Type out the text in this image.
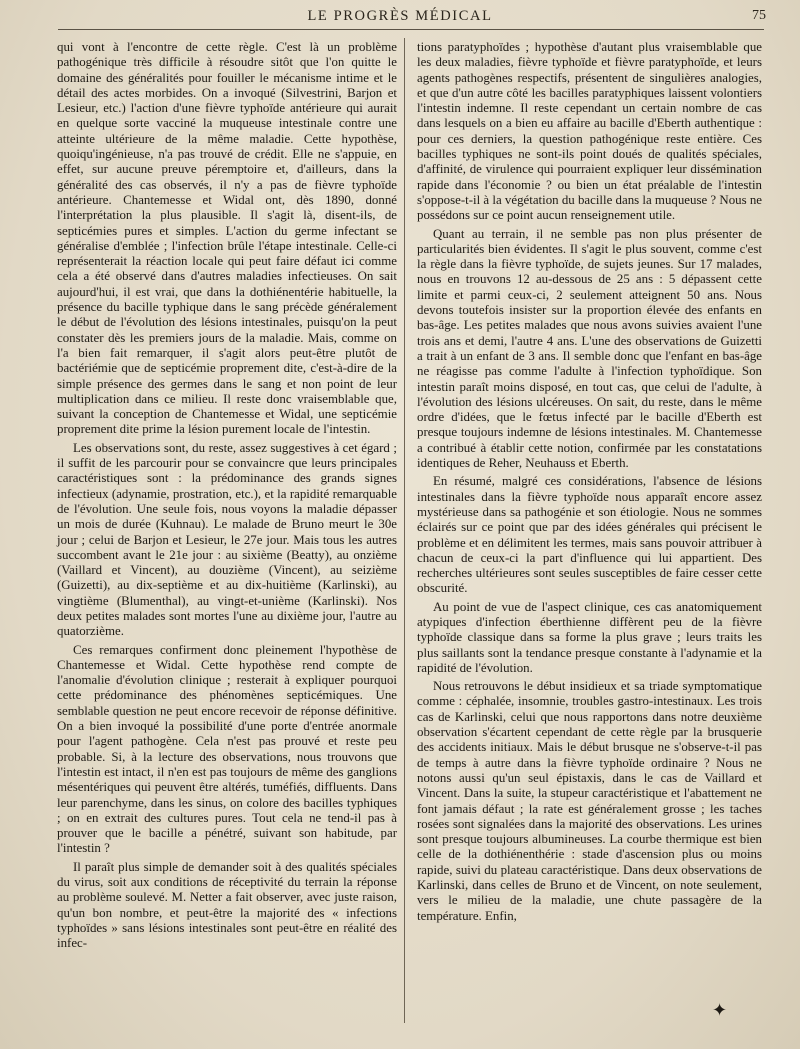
LE PROGRÈS MÉDICAL	75

qui vont à l'encontre de cette règle. C'est là un problème pathogénique très difficile à résoudre sitôt que l'on quitte le domaine des généralités pour fouiller le mécanisme intime et le détail des actes morbides. On a invoqué (Silvestrini, Barjon et Lesieur, etc.) l'action d'une fièvre typhoïde antérieure qui aurait en quelque sorte vacciné la muqueuse intestinale contre une atteinte ultérieure de la même maladie. Cette hypothèse, quoiqu'ingénieuse, n'a pas trouvé de crédit. Elle ne s'appuie, en effet, sur aucune preuve péremptoire et, d'ailleurs, dans la généralité des cas observés, il n'y a pas de fièvre typhoïde antérieure. Chantemesse et Widal ont, dès 1890, donné l'interprétation la plus plausible. Il s'agit là, disent-ils, de septicémies pures et simples. L'action du germe infectant se généralise d'emblée ; l'infection brûle l'étape intestinale. Celle-ci représenterait la réaction locale qui peut faire défaut ici comme cela a été observé dans d'autres maladies infectieuses. On sait aujourd'hui, il est vrai, que dans la dothiénentérie habituelle, la présence du bacille typhique dans le sang précède généralement le début de l'évolution des lésions intestinales, puisqu'on la peut constater dès les premiers jours de la maladie. Mais, comme on l'a bien fait remarquer, il s'agit alors peut-être plutôt de bactériémie que de septicémie proprement dite, c'est-à-dire de la simple présence des germes dans le sang et non point de leur multiplication dans ce milieu. Il reste donc vraisemblable que, suivant la conception de Chantemesse et Widal, une septicémie proprement dite prime la lésion purement locale de l'intestin.

Les observations sont, du reste, assez suggestives à cet égard ; il suffit de les parcourir pour se convaincre que leurs principales caractéristiques sont : la prédominance des grands signes infectieux (adynamie, prostration, etc.), et la rapidité remarquable de l'évolution. Une seule fois, nous voyons la maladie dépasser un mois de durée (Kuhnau). Le malade de Bruno meurt le 30e jour ; celui de Barjon et Lesieur, le 27e jour. Mais tous les autres succombent avant le 21e jour : au sixième (Beatty), au onzième (Vaillard et Vincent), au douzième (Vincent), au seizième (Guizetti), au dix-septième et au dix-huitième (Karlinski), au vingtième (Blumenthal), au vingt-et-unième (Karlinski). Nos deux petites malades sont mortes l'une au dixième jour, l'autre au quatorzième.

Ces remarques confirment donc pleinement l'hypothèse de Chantemesse et Widal. Cette hypothèse rend compte de l'anomalie d'évolution clinique ; resterait à expliquer pourquoi cette prédominance des phénomènes septicémiques. Une semblable question ne peut encore recevoir de réponse définitive. On a bien invoqué la possibilité d'une porte d'entrée anormale pour l'agent pathogène. Cela n'est pas prouvé et reste peu probable. Si, à la lecture des observations, nous trouvons que l'intestin est intact, il n'en est pas toujours de même des ganglions mésentériques qui peuvent être altérés, tuméfiés, diffluents. Dans leur parenchyme, dans les sinus, on colore des bacilles typhiques ; on en extrait des cultures pures. Tout cela ne tend-il pas à prouver que le bacille a pénétré, suivant son habitude, par l'intestin ?

Il paraît plus simple de demander soit à des qualités spéciales du virus, soit aux conditions de réceptivité du terrain la réponse au problème soulevé. M. Netter a fait observer, avec juste raison, qu'un bon nombre, et peut-être la majorité des « infections typhoïdes » sans lésions intestinales sont peut-être en réalité des infec-

tions paratyphoïdes ; hypothèse d'autant plus vraisemblable que les deux maladies, fièvre typhoïde et fièvre paratyphoïde, et leurs agents pathogènes respectifs, présentent de singulières analogies, et que d'un autre côté les bacilles paratyphiques laissent volontiers l'intestin indemne. Il reste cependant un certain nombre de cas dans lesquels on a bien eu affaire au bacille d'Eberth authentique : pour ces derniers, la question pathogénique reste entière. Ces bacilles typhiques ne sont-ils point doués de qualités spéciales, d'affinité, de virulence qui pourraient expliquer leur dissémination rapide dans l'économie ? ou bien un état préalable de l'intestin s'oppose-t-il à la végétation du bacille dans la muqueuse ? Nous ne possédons sur ce point aucun renseignement utile.

Quant au terrain, il ne semble pas non plus présenter de particularités bien évidentes. Il s'agit le plus souvent, comme c'est la règle dans la fièvre typhoïde, de sujets jeunes. Sur 17 malades, nous en trouvons 12 au-dessous de 25 ans : 5 dépassent cette limite et parmi ceux-ci, 2 seulement atteignent 50 ans. Nous devons toutefois insister sur la proportion élevée des enfants en bas-âge. Les petites malades que nous avons suivies avaient l'une trois ans et demi, l'autre 4 ans. L'une des observations de Guizetti a trait à un enfant de 3 ans. Il semble donc que l'enfant en bas-âge ne réagisse pas comme l'adulte à l'infection typhoïdique. Son intestin paraît moins disposé, en tout cas, que celui de l'adulte, à l'évolution des lésions ulcéreuses. On sait, du reste, dans le même ordre d'idées, que le fœtus infecté par le bacille d'Eberth est presque toujours indemne de lésions intestinales. M. Chantemesse a contribué à établir cette notion, confirmée par les constatations identiques de Reher, Neuhauss et Eberth.

En résumé, malgré ces considérations, l'absence de lésions intestinales dans la fièvre typhoïde nous apparaît encore assez mystérieuse dans sa pathogénie et son étiologie. Nous ne sommes éclairés sur ce point que par des idées générales qui précisent le problème et en délimitent les termes, mais sans pouvoir attribuer à chacun de ceux-ci la part d'influence qui lui appartient. Des recherches ultérieures sont seules susceptibles de faire cesser cette obscurité.

Au point de vue de l'aspect clinique, ces cas anatomiquement atypiques d'infection éberthienne diffèrent peu de la fièvre typhoïde classique dans sa forme la plus grave ; leurs traits les plus saillants sont la tendance presque constante à l'adynamie et la rapidité de l'évolution.

Nous retrouvons le début insidieux et sa triade symptomatique comme : céphalée, insomnie, troubles gastro-intestinaux. Les trois cas de Karlinski, celui que nous rapportons dans notre deuxième observation s'écartent cependant de cette règle par la brusquerie des accidents initiaux. Mais le début brusque ne s'observe-t-il pas de temps à autre dans la fièvre typhoïde ordinaire ? Nous ne notons aussi qu'un seul épistaxis, dans le cas de Vaillard et Vincent. Dans la suite, la stupeur caractéristique et l'abattement ne font jamais défaut ; la rate est généralement grosse ; les taches rosées sont signalées dans la majorité des observations. Les urines sont presque toujours albumineuses. La courbe thermique est bien celle de la dothiénenthérie : stade d'ascension plus ou moins rapide, suivi du plateau caractéristique. Dans deux observations de Karlinski, dans celles de Bruno et de Vincent, on note seulement, vers le milieu de la maladie, une chute passagère de la température. Enfin,

✦
